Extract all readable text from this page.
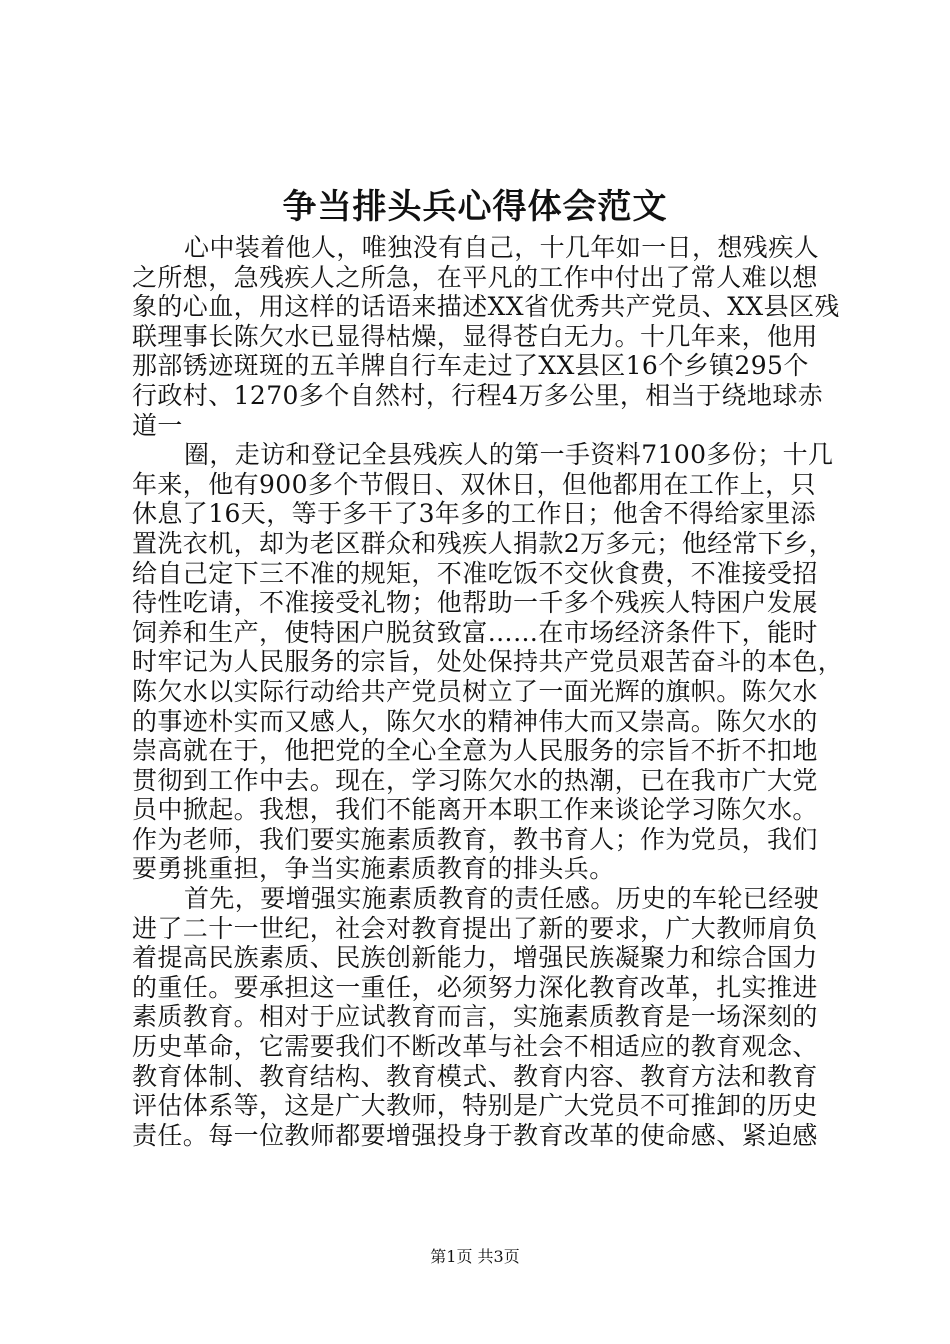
争当排头兵心得体会范文
心中装着他人，唯独没有自己，十几年如一日，想残疾人
之所想，急残疾人之所急，在平凡的工作中付出了常人难以想
象的心血，用这样的话语来描述XX省优秀共产党员、XX县区残
联理事长陈欠水已显得枯燥，显得苍白无力。十几年来，他用
那部锈迹斑斑的五羊牌自行车走过了XX县区16个乡镇295个
行政村、1270多个自然村，行程4万多公里，相当于绕地球赤
道一
圈，走访和登记全县残疾人的第一手资料7100多份；十几
年来，他有900多个节假日、双休日，但他都用在工作上，只
休息了16天，等于多干了3年多的工作日；他舍不得给家里添
置洗衣机，却为老区群众和残疾人捐款2万多元；他经常下乡，
给自己定下三不准的规矩，不准吃饭不交伙食费，不准接受招
待性吃请，不准接受礼物；他帮助一千多个残疾人特困户发展
饲养和生产，使特困户脱贫致富……在市场经济条件下，能时
时牢记为人民服务的宗旨，处处保持共产党员艰苦奋斗的本色，
陈欠水以实际行动给共产党员树立了一面光辉的旗帜。陈欠水
的事迹朴实而又感人，陈欠水的精神伟大而又崇高。陈欠水的
崇高就在于，他把党的全心全意为人民服务的宗旨不折不扣地
贯彻到工作中去。现在，学习陈欠水的热潮，已在我市广大党
员中掀起。我想，我们不能离开本职工作来谈论学习陈欠水。
作为老师，我们要实施素质教育，教书育人；作为党员，我们
要勇挑重担，争当实施素质教育的排头兵。
首先，要增强实施素质教育的责任感。历史的车轮已经驶
进了二十一世纪，社会对教育提出了新的要求，广大教师肩负
着提高民族素质、民族创新能力，增强民族凝聚力和综合国力
的重任。要承担这一重任，必须努力深化教育改革，扎实推进
素质教育。相对于应试教育而言，实施素质教育是一场深刻的
历史革命，它需要我们不断改革与社会不相适应的教育观念、
教育体制、教育结构、教育模式、教育内容、教育方法和教育
评估体系等，这是广大教师，特别是广大党员不可推卸的历史
责任。每一位教师都要增强投身于教育改革的使命感、紧迫感
第1页 共3页
